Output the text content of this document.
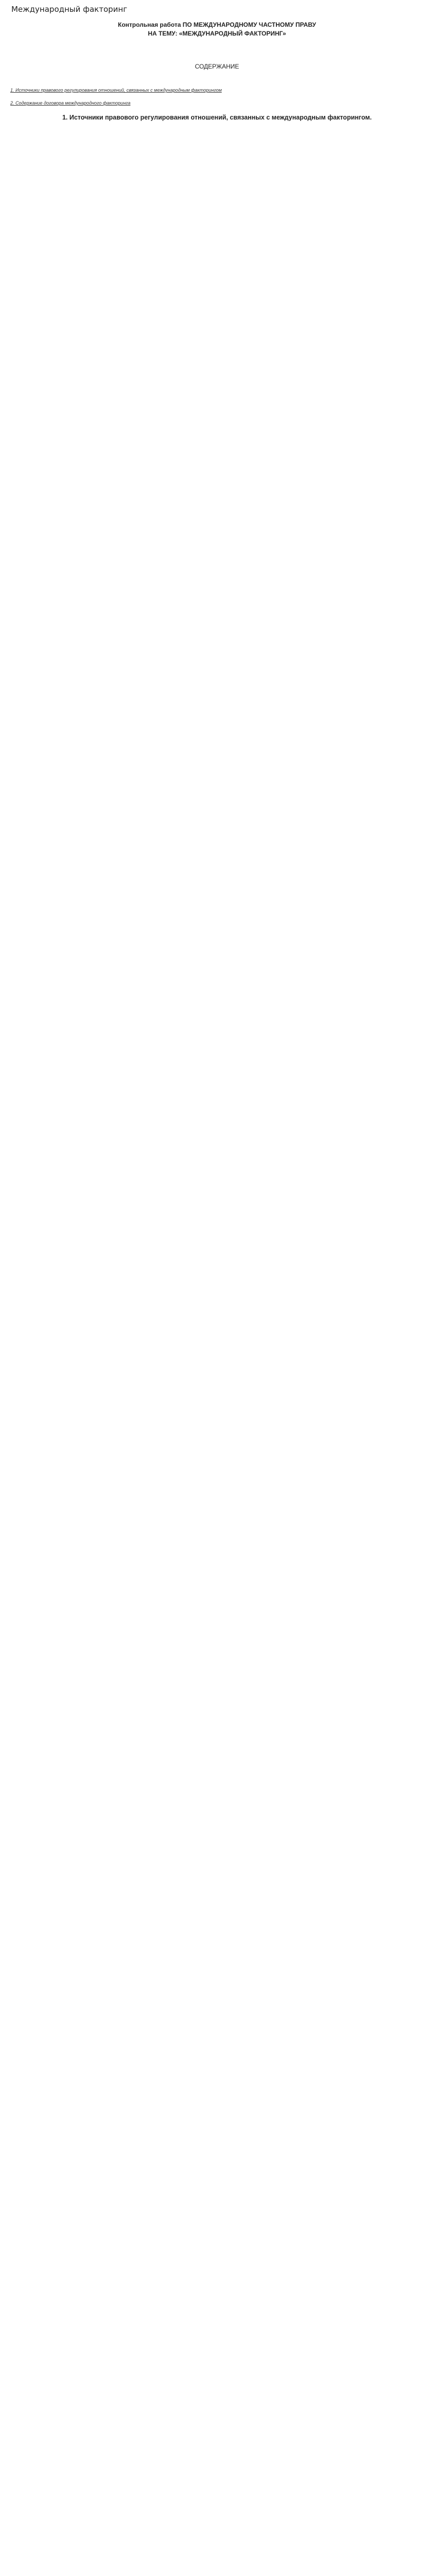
Международный факторинг
Контрольная работа ПО МЕЖДУНАРОДНОМУ ЧАСТНОМУ ПРАВУ
НА ТЕМУ: «МЕЖДУНАРОДНЫЙ ФАКТОРИНГ»
СОДЕРЖАНИЕ
1. Источники правового регулирования отношений, связанных с международным факторингом
2. Содержание договора международного факторинга
1. Источники правового регулирования отношений, связанных с международным факторингом.
